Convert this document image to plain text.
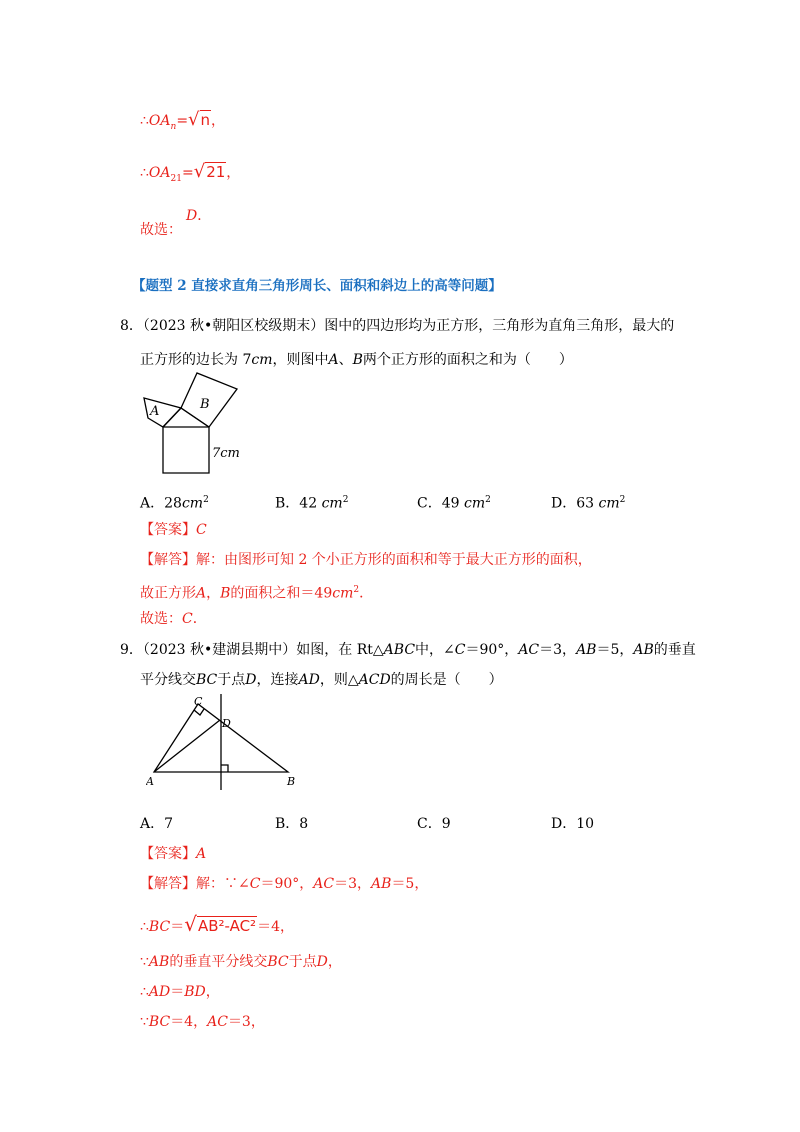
$\therefore OA_n=√n$，
$\therefore OA_{21}=√21$，
故选：D．
【题型 2 直接求直角三角形周长、面积和斜边上的高等问题】
8．（2023 秋•朝阳区校级期末）图中的四边形均为正方形，三角形为直角三角形，最大的
正方形的边长为 7cm，则图中A、B两个正方形的面积之和为（　　）
A	B
7cm
A．$28cm^2$	B．42 $cm^2$	C．49 $cm^2$	D．63 $cm^2$
【答案】C
【解答】解：由图形可知 2 个小正方形的面积和等于最大正方形的面积，
故正方形A，B的面积之和$=49cm^2$．
故选：C．
9．（2023 秋•建湖县期中）如图，在 Rt△ABC中，∠C＝90°，AC＝3，AB＝5，AB的垂直
平分线交BC于点D，连接AD，则△ACD的周长是（　　）
C
D
A	B
A．7	B．8	C．9	D．10
【答案】A
【解答】解：∵∠C＝90°，AC＝3，AB＝5，
∴BC＝√AB²-AC²＝4，
∵AB的垂直平分线交BC于点D，
∴AD＝BD，
∵BC＝4，AC＝3，
